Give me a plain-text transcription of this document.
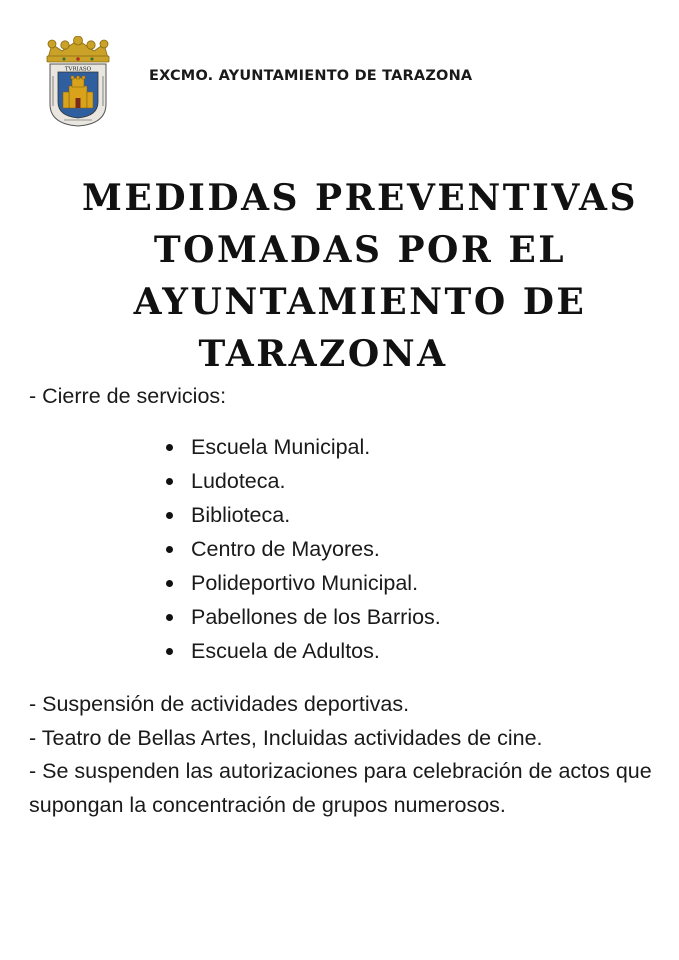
TVRIASO	EXCMO. AYUNTAMIENTO DE TARAZONA
MEDIDAS PREVENTIVAS
TOMADAS POR EL
AYUNTAMIENTO DE
TARAZONA
- Cierre de servicios:
Escuela Municipal.
Ludoteca.
Biblioteca.
Centro de Mayores.
Polideportivo Municipal.
Pabellones de los Barrios.
Escuela de Adultos.

- Suspensión de actividades deportivas.

- Teatro de Bellas Artes, Incluidas actividades de cine.

- Se suspenden las autorizaciones para celebración de actos que supongan la concentración de grupos numerosos.
